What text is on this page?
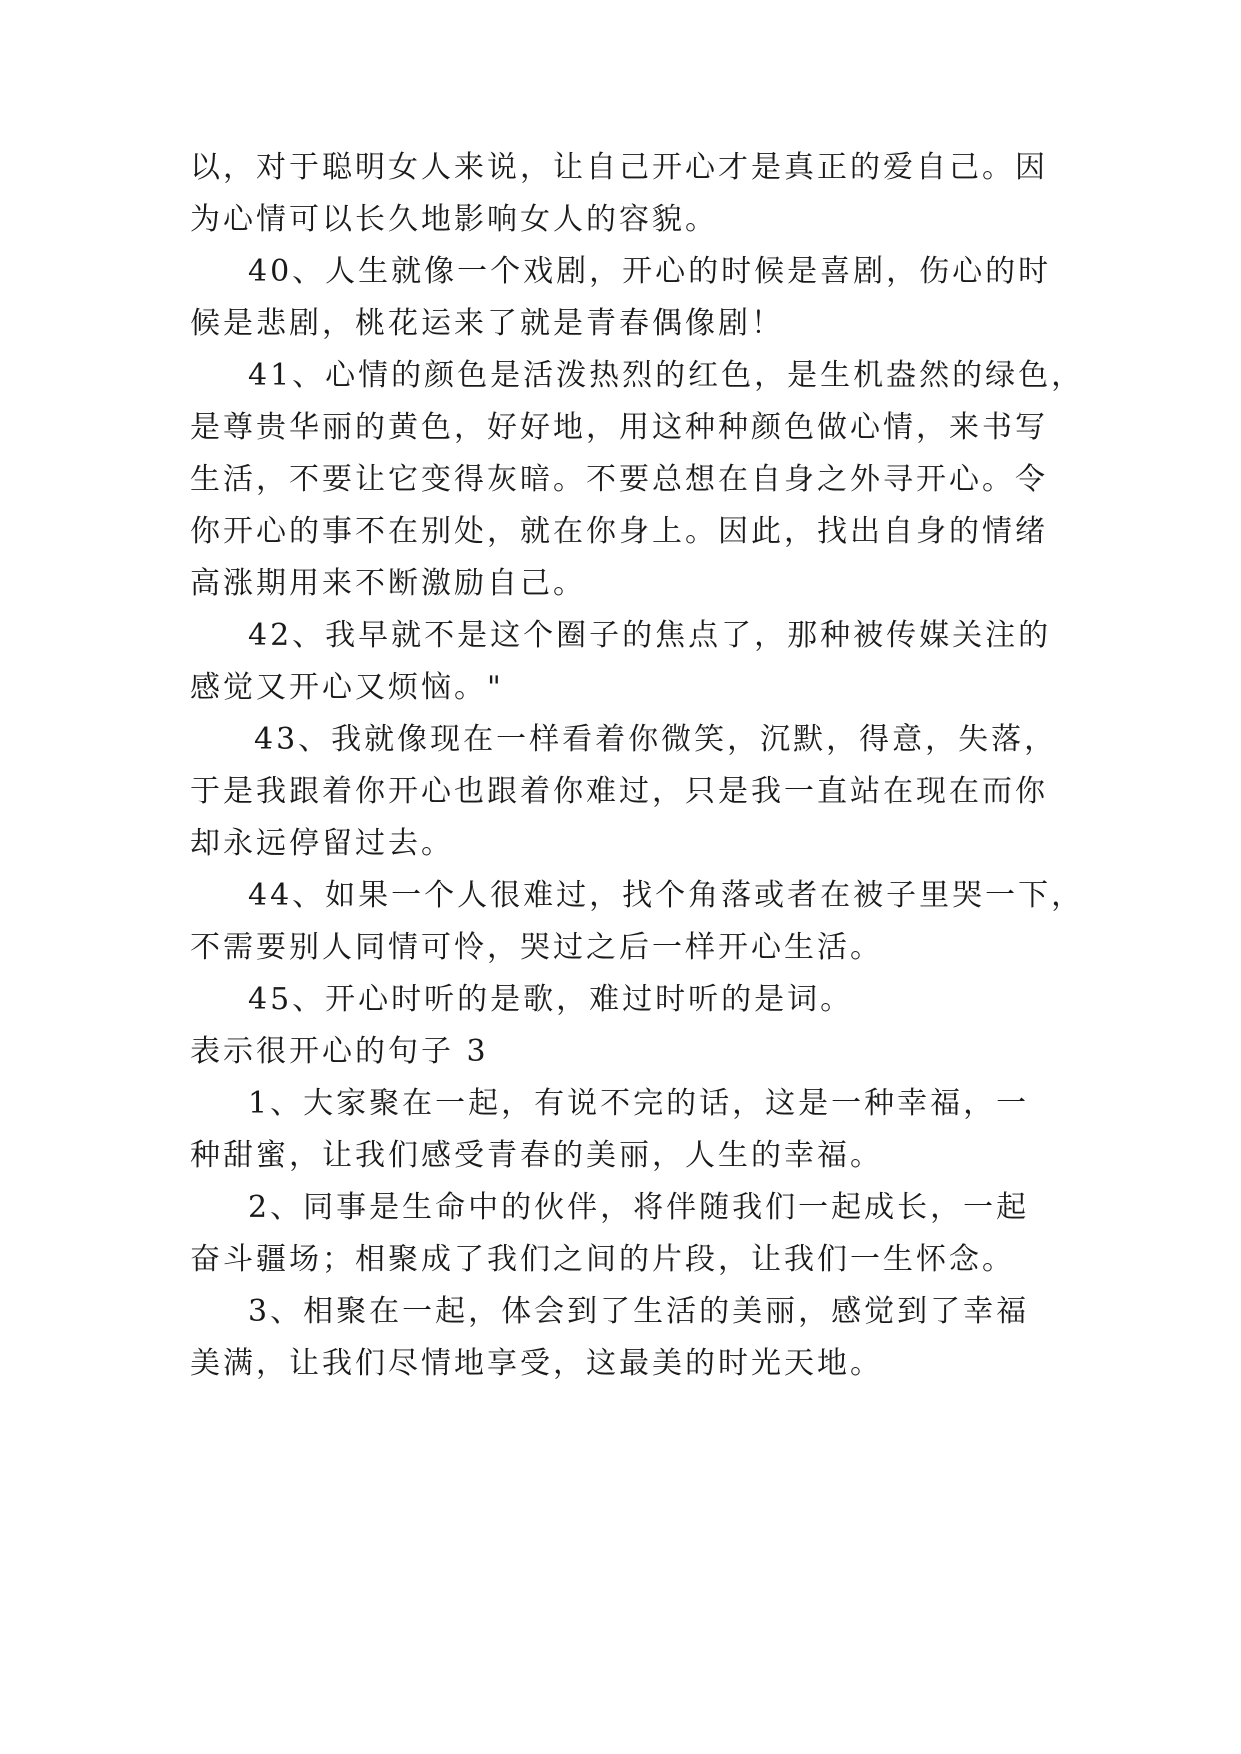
以，对于聪明女人来说，让自己开心才是真正的爱自己。因
为心情可以长久地影响女人的容貌。
40、人生就像一个戏剧，开心的时候是喜剧，伤心的时
候是悲剧，桃花运来了就是青春偶像剧！
41、心情的颜色是活泼热烈的红色，是生机盎然的绿色，
是尊贵华丽的黄色，好好地，用这种种颜色做心情，来书写
生活，不要让它变得灰暗。不要总想在自身之外寻开心。令
你开心的事不在别处，就在你身上。因此，找出自身的情绪
高涨期用来不断激励自己。
42、我早就不是这个圈子的焦点了，那种被传媒关注的
感觉又开心又烦恼。"
43、我就像现在一样看着你微笑，沉默，得意，失落，
于是我跟着你开心也跟着你难过，只是我一直站在现在而你
却永远停留过去。
44、如果一个人很难过，找个角落或者在被子里哭一下，
不需要别人同情可怜，哭过之后一样开心生活。
45、开心时听的是歌，难过时听的是词。
表示很开心的句子 3
1、大家聚在一起，有说不完的话，这是一种幸福，一
种甜蜜，让我们感受青春的美丽，人生的幸福。
2、同事是生命中的伙伴，将伴随我们一起成长，一起
奋斗疆场；相聚成了我们之间的片段，让我们一生怀念。
3、相聚在一起，体会到了生活的美丽，感觉到了幸福
美满，让我们尽情地享受，这最美的时光天地。
